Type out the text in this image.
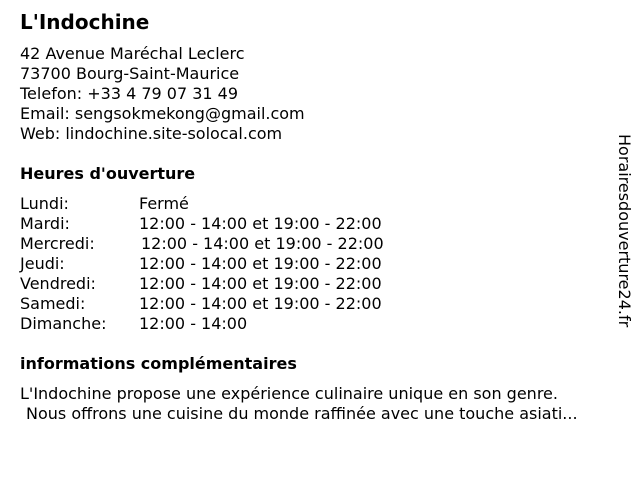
L'Indochine
42 Avenue Maréchal Leclerc
73700 Bourg-Saint-Maurice
Telefon: +33 4 79 07 31 49
Email: sengsokmekong@gmail.com
Web: lindochine.site-solocal.com
Heures d'ouverture
Lundi:	Fermé
Mardi:	12:00 - 14:00 et 19:00 - 22:00
Mercredi:	12:00 - 14:00 et 19:00 - 22:00
Jeudi:	12:00 - 14:00 et 19:00 - 22:00
Vendredi:	12:00 - 14:00 et 19:00 - 22:00
Samedi:	12:00 - 14:00 et 19:00 - 22:00
Dimanche: 12:00 - 14:00
informations complémentaires
L'Indochine propose une expérience culinaire unique en son genre.
Nous offrons une cuisine du monde raffinée avec une touche asiati...
Horairesdouverture24.fr
